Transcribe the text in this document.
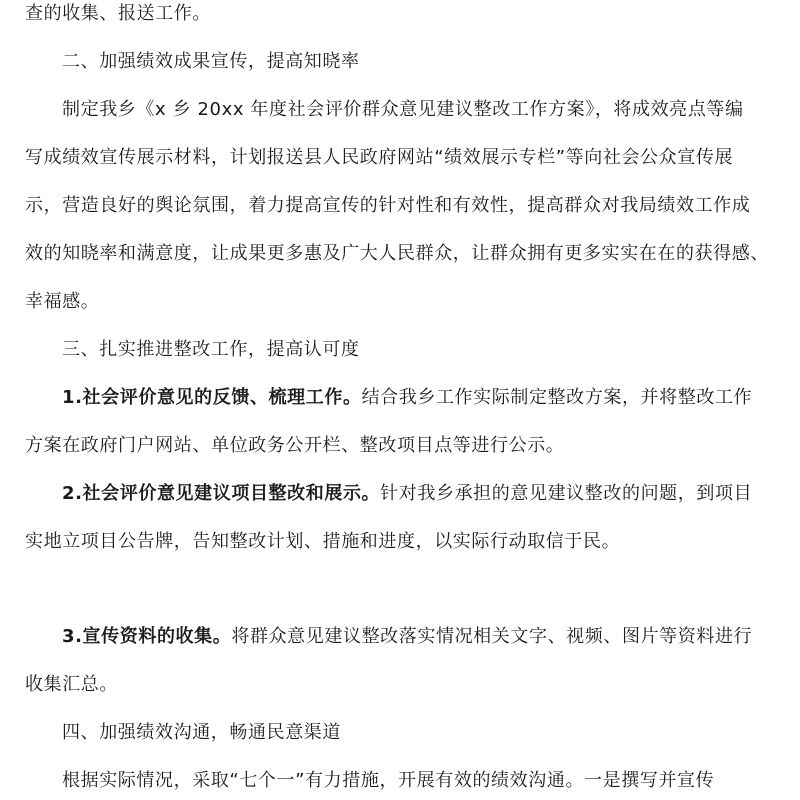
查的收集、报送工作。
二、加强绩效成果宣传，提高知晓率
制定我乡《x 乡 20xx 年度社会评价群众意见建议整改工作方案》，将成效亮点等编
写成绩效宣传展示材料，计划报送县人民政府网站“绩效展示专栏”等向社会公众宣传展
示，营造良好的舆论氛围，着力提高宣传的针对性和有效性，提高群众对我局绩效工作成
效的知晓率和满意度，让成果更多惠及广大人民群众，让群众拥有更多实实在在的获得感、
幸福感。
三、扎实推进整改工作，提高认可度
1.社会评价意见的反馈、梳理工作。结合我乡工作实际制定整改方案，并将整改工作
方案在政府门户网站、单位政务公开栏、整改项目点等进行公示。
2.社会评价意见建议项目整改和展示。针对我乡承担的意见建议整改的问题，到项目
实地立项目公告牌，告知整改计划、措施和进度，以实际行动取信于民。
3.宣传资料的收集。将群众意见建议整改落实情况相关文字、视频、图片等资料进行
收集汇总。
四、加强绩效沟通，畅通民意渠道
根据实际情况，采取“七个一”有力措施，开展有效的绩效沟通。一是撰写并宣传
